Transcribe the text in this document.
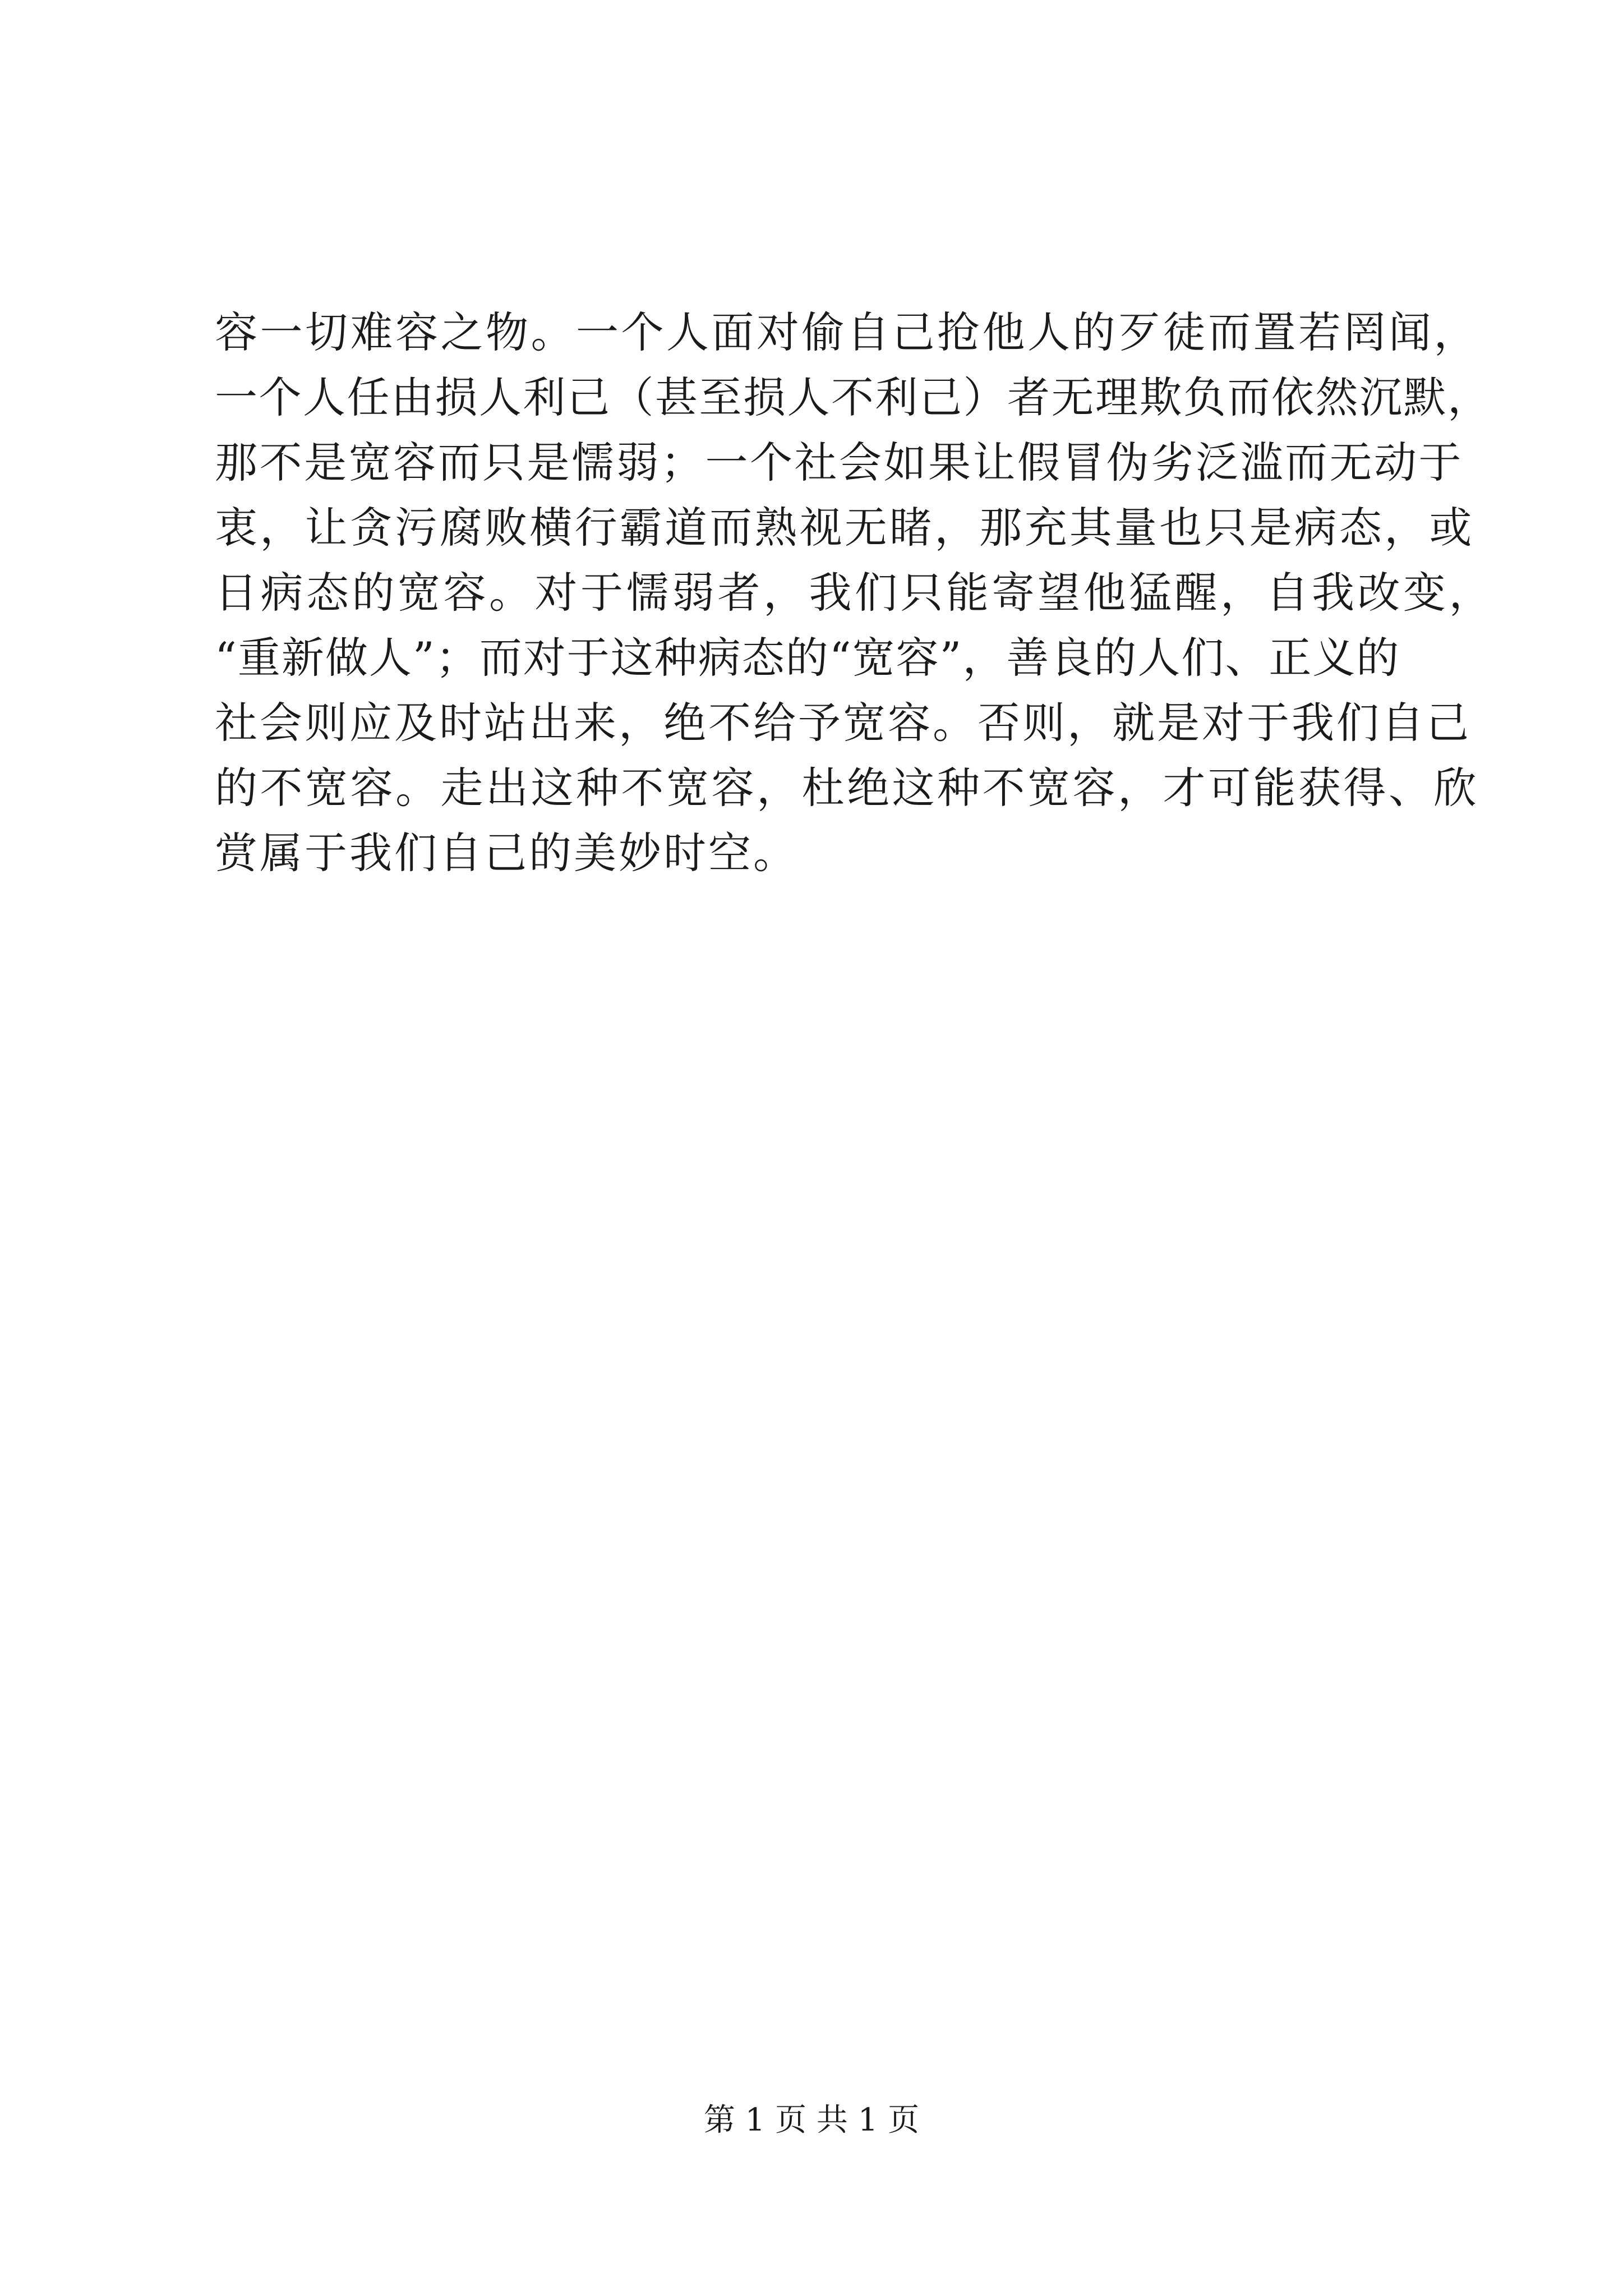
容一切难容之物。一个人面对偷自己抢他人的歹徒而置若罔闻，
一个人任由损人利己（甚至损人不利己）者无理欺负而依然沉默，
那不是宽容而只是懦弱；一个社会如果让假冒伪劣泛滥而无动于
衷，让贪污腐败横行霸道而熟视无睹，那充其量也只是病态，或
日病态的宽容。对于懦弱者，我们只能寄望他猛醒，自我改变，
“重新做人”；而对于这种病态的“宽容”，善良的人们、正义的
社会则应及时站出来，绝不给予宽容。否则，就是对于我们自己
的不宽容。走出这种不宽容，杜绝这种不宽容，才可能获得、欣
赏属于我们自己的美妙时空。
第 1 页 共 1 页
